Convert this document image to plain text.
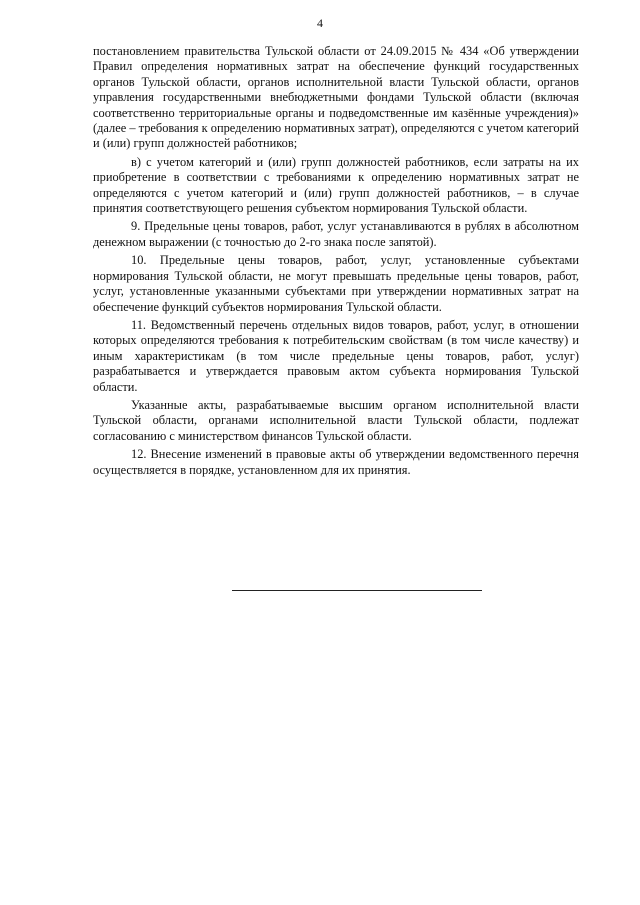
4

постановлением правительства Тульской области от 24.09.2015 № 434 «Об утверждении Правил определения нормативных затрат на обеспечение функций государственных органов Тульской области, органов исполнительной власти Тульской области, органов управления государственными внебюджетными фондами Тульской области (включая соответственно территориальные органы и подведомственные им казённые учреждения)» (далее – требования к определению нормативных затрат), определяются с учетом категорий и (или) групп должностей работников;

в) с учетом категорий и (или) групп должностей работников, если затраты на их приобретение в соответствии с требованиями к определению нормативных затрат не определяются с учетом категорий и (или) групп должностей работников, – в случае принятия соответствующего решения субъектом нормирования Тульской области.

9. Предельные цены товаров, работ, услуг устанавливаются в рублях в абсолютном денежном выражении (с точностью до 2-го знака после запятой).

10. Предельные цены товаров, работ, услуг, установленные субъектами нормирования Тульской области, не могут превышать предельные цены товаров, работ, услуг, установленные указанными субъектами при утверждении нормативных затрат на обеспечение функций субъектов нормирования Тульской области.

11. Ведомственный перечень отдельных видов товаров, работ, услуг, в отношении которых определяются требования к потребительским свойствам (в том числе качеству) и иным характеристикам (в том числе предельные цены товаров, работ, услуг) разрабатывается и утверждается правовым актом субъекта нормирования Тульской области.

Указанные акты, разрабатываемые высшим органом исполнительной власти Тульской области, органами исполнительной власти Тульской области, подлежат согласованию с министерством финансов Тульской области.

12. Внесение изменений в правовые акты об утверждении ведомственного перечня осуществляется в порядке, установленном для их принятия.
